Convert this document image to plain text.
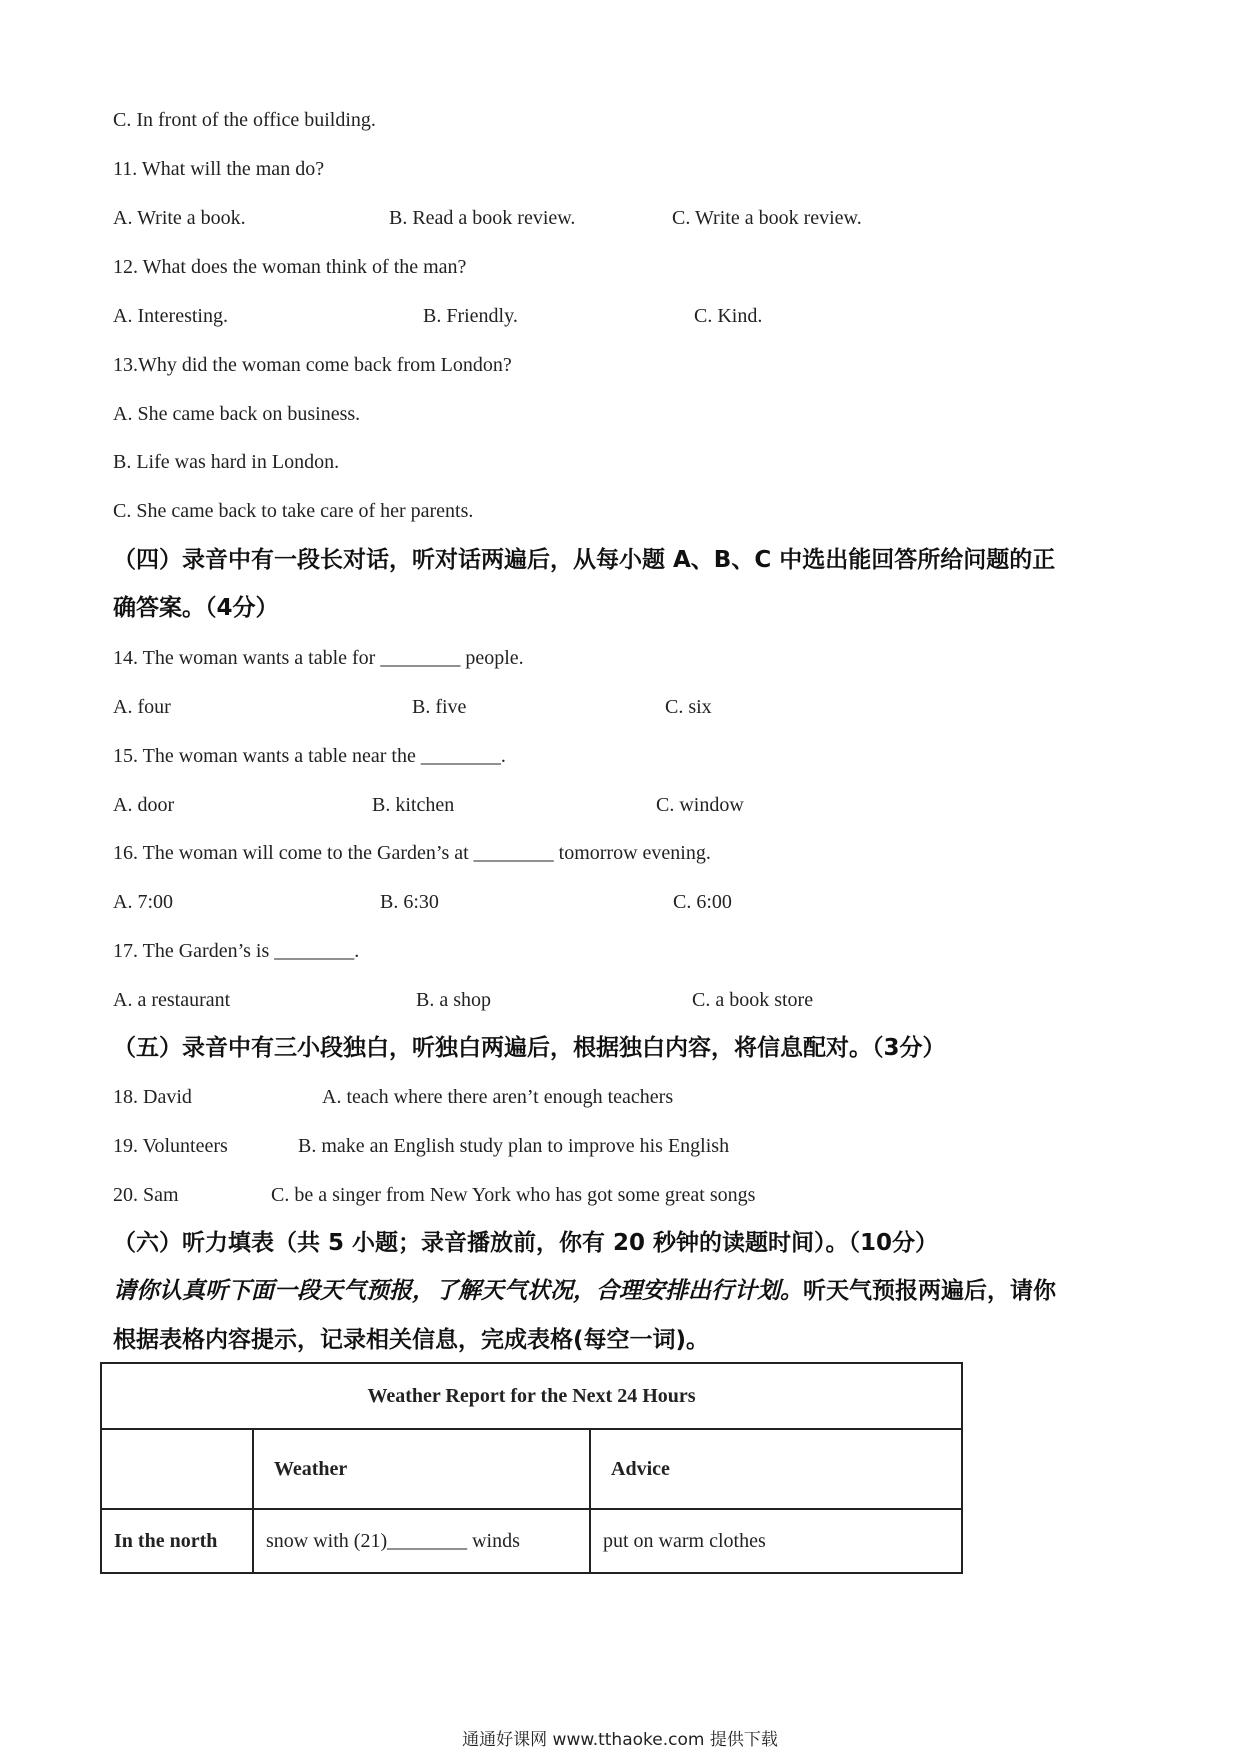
C. In front of the office building.
11. What will the man do?
A. Write a book.	B. Read a book review.	C. Write a book review.
12. What does the woman think of the man?
A. Interesting.	B. Friendly.	C. Kind.
13.Why did the woman come back from London?
A. She came back on business.
B. Life was hard in London.
C. She came back to take care of her parents.
（四）录音中有一段长对话，听对话两遍后，从每小题 A、B、C 中选出能回答所给问题的正
确答案。（4分）
14. The woman wants a table for ________ people.
A. four	B. five	C. six
15. The woman wants a table near the ________.
A. door	B. kitchen	C. window
16. The woman will come to the Garden’s at ________ tomorrow evening.
A. 7:00	B. 6:30	C. 6:00
17. The Garden’s is ________.
A. a restaurant	B. a shop	C. a book store
（五）录音中有三小段独白，听独白两遍后，根据独白内容，将信息配对。（3分）
18. David	A. teach where there aren’t enough teachers
19. Volunteers	B. make an English study plan to improve his English
20. Sam	C. be a singer from New York who has got some great songs
（六）听力填表（共 5 小题；录音播放前，你有 20 秒钟的读题时间）。（10分）
请你认真听下面一段天气预报，了解天气状况，合理安排出行计划。听天气预报两遍后，请你
根据表格内容提示，记录相关信息，完成表格(每空一词)。
Weather Report for the Next 24 Hours		
	Weather	Advice
In the north	snow with (21)________ winds	put on warm clothes
通通好课网 www.tthaoke.com 提供下载
